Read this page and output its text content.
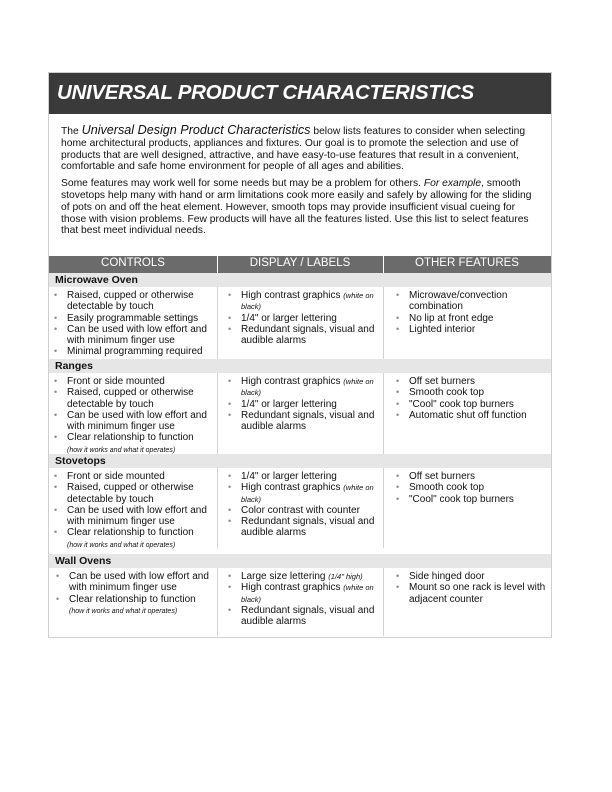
UNIVERSAL PRODUCT CHARACTERISTICS

The Universal Design Product Characteristics below lists features to consider when selecting home architectural products, appliances and fixtures. Our goal is to promote the selection and use of products that are well designed, attractive, and have easy-to-use features that result in a convenient, comfortable and safe home environment for people of all ages and abilities.

Some features may work well for some needs but may be a problem for others. For example, smooth stovetops help many with hand or arm limitations cook more easily and safely by allowing for the sliding of pots on and off the heat element. However, smooth tops may provide insufficient visual cueing for those with vision problems. Few products will have all the features listed. Use this list to select features that best meet individual needs.

CONTROLS	DISPLAY / LABELS	OTHER FEATURES
Microwave Oven
• Raised, cupped or otherwise detectable by touch
• Easily programmable settings
• Can be used with low effort and with minimum finger use
• Minimal programming required
• High contrast graphics (white on black)
• 1/4" or larger lettering
• Redundant signals, visual and audible alarms
• Microwave/convection combination
• No lip at front edge
• Lighted interior
Ranges
• Front or side mounted
• Raised, cupped or otherwise detectable by touch
• Can be used with low effort and with minimum finger use
• Clear relationship to function
(how it works and what it operates)
• High contrast graphics (white on black)
• 1/4" or larger lettering
• Redundant signals, visual and audible alarms
• Off set burners
• Smooth cook top
• "Cool" cook top burners
• Automatic shut off function
Stovetops
• Front or side mounted
• Raised, cupped or otherwise detectable by touch
• Can be used with low effort and with minimum finger use
• Clear relationship to function
(how it works and what it operates)
• 1/4" or larger lettering
• High contrast graphics (white on black)
• Color contrast with counter
• Redundant signals, visual and audible alarms
• Off set burners
• Smooth cook top
• "Cool" cook top burners
Wall Ovens
• Can be used with low effort and with minimum finger use
• Clear relationship to function
(how it works and what it operates)
• Large size lettering (1/4" high)
• High contrast graphics (white on black)
• Redundant signals, visual and audible alarms
• Side hinged door
• Mount so one rack is level with adjacent counter
